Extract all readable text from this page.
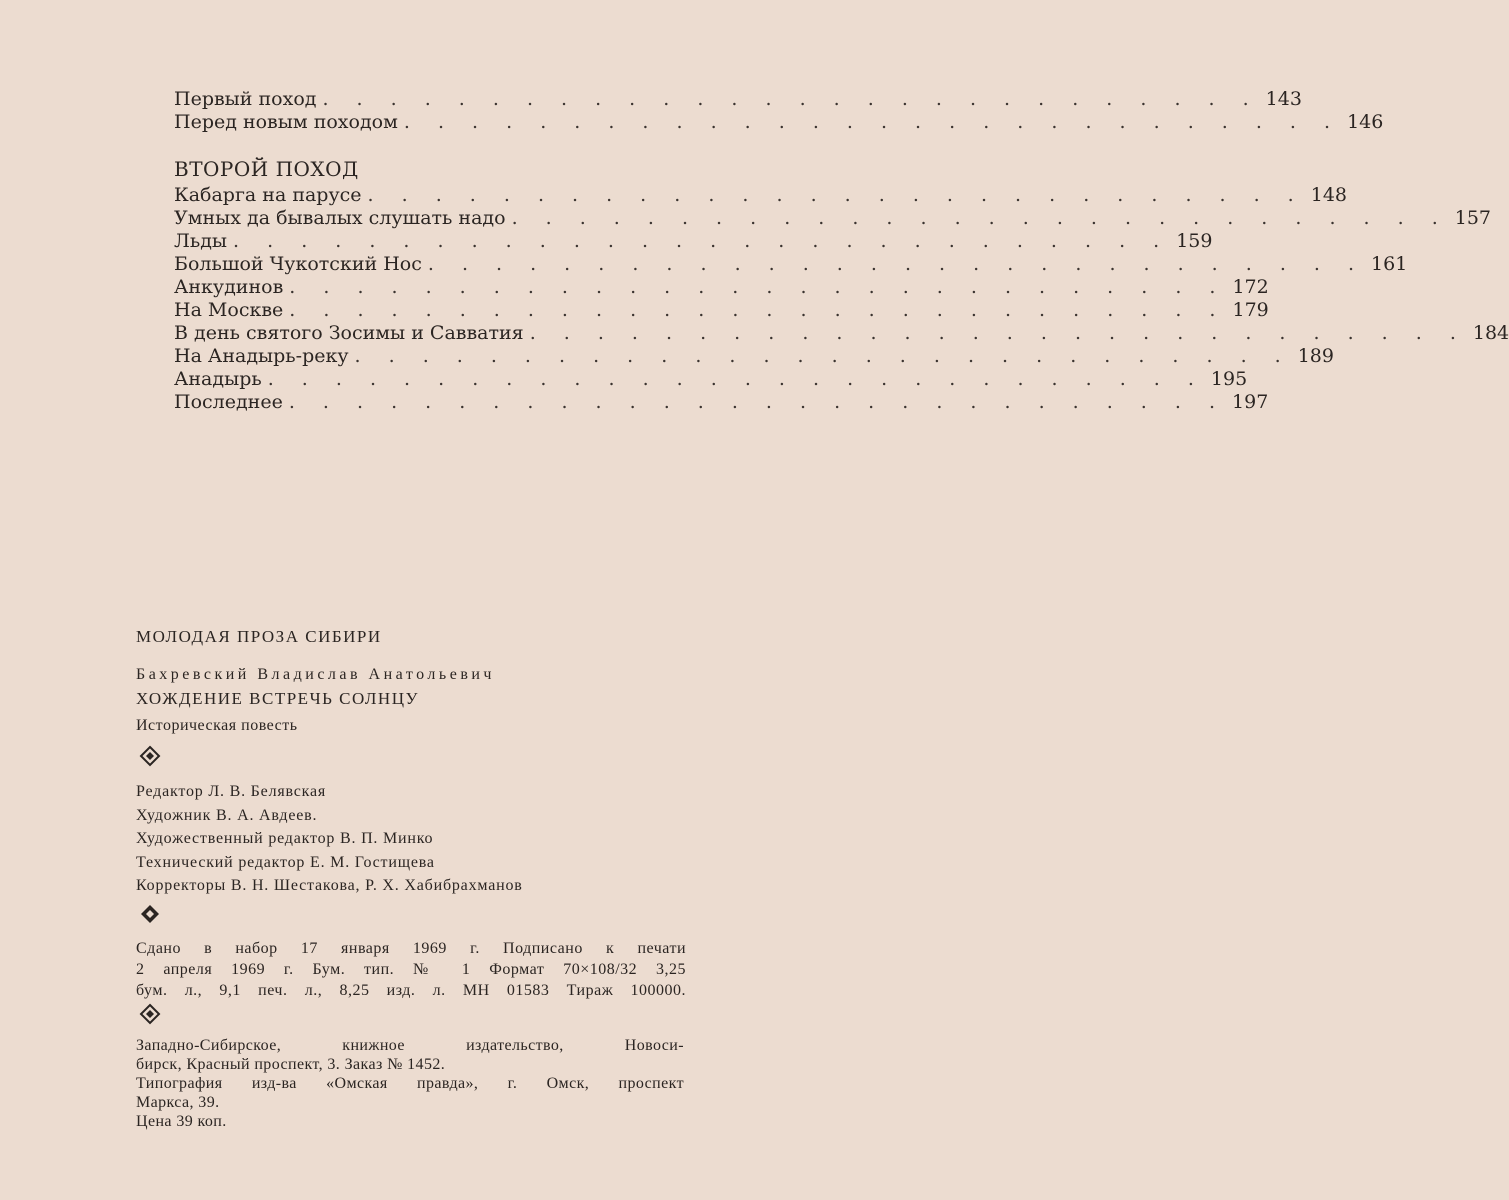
Первый поход . . . . . . . . . . . . . . . . . . . . . . . . . . . . 143
Перед новым походом . . . . . . . . . . . . . . . . . . . . . . . . . . . . 146
ВТОРОЙ ПОХОД
Кабарга на парусе . . . . . . . . . . . . . . . . . . . . . . . . . . . . 148
Умных да бывалых слушать надо . . . . . . . . . . . . . . . . . . . . . . . . . . . . 157
Льды . . . . . . . . . . . . . . . . . . . . . . . . . . . . 159
Большой Чукотский Нос . . . . . . . . . . . . . . . . . . . . . . . . . . . . 161
Анкудинов . . . . . . . . . . . . . . . . . . . . . . . . . . . . 172
На Москве . . . . . . . . . . . . . . . . . . . . . . . . . . . . 179
В день святого Зосимы и Савватия . . . . . . . . . . . . . . . . . . . . . . . . . . . . 184
На Анадырь-реку . . . . . . . . . . . . . . . . . . . . . . . . . . . . 189
Анадырь . . . . . . . . . . . . . . . . . . . . . . . . . . . . 195
Последнее . . . . . . . . . . . . . . . . . . . . . . . . . . . . 197
МОЛОДАЯ ПРОЗА СИБИРИ
Бахревский Владислав Анатольевич
ХОЖДЕНИЕ ВСТРЕЧЬ СОЛНЦУ
Историческая повесть
Редактор Л. В. Белявская
Художник В. А. Авдеев.
Художественный редактор В. П. Минко
Технический редактор Е. М. Гостищева
Корректоры В. Н. Шестакова, Р. Х. Хабибрахманов
Сдано в набор 17 января 1969 г. Подписано к печати
2 апреля 1969 г. Бум. тип. № 1 Формат 70×108/32 3,25
бум. л., 9,1 печ. л., 8,25 изд. л. МН 01583 Тираж 100000.
Западно-Сибирское, книжное издательство, Новоси-
бирск, Красный проспект, 3. Заказ № 1452.
Типография изд-ва «Омская правда», г. Омск, проспект
Маркса, 39.
Цена 39 коп.
